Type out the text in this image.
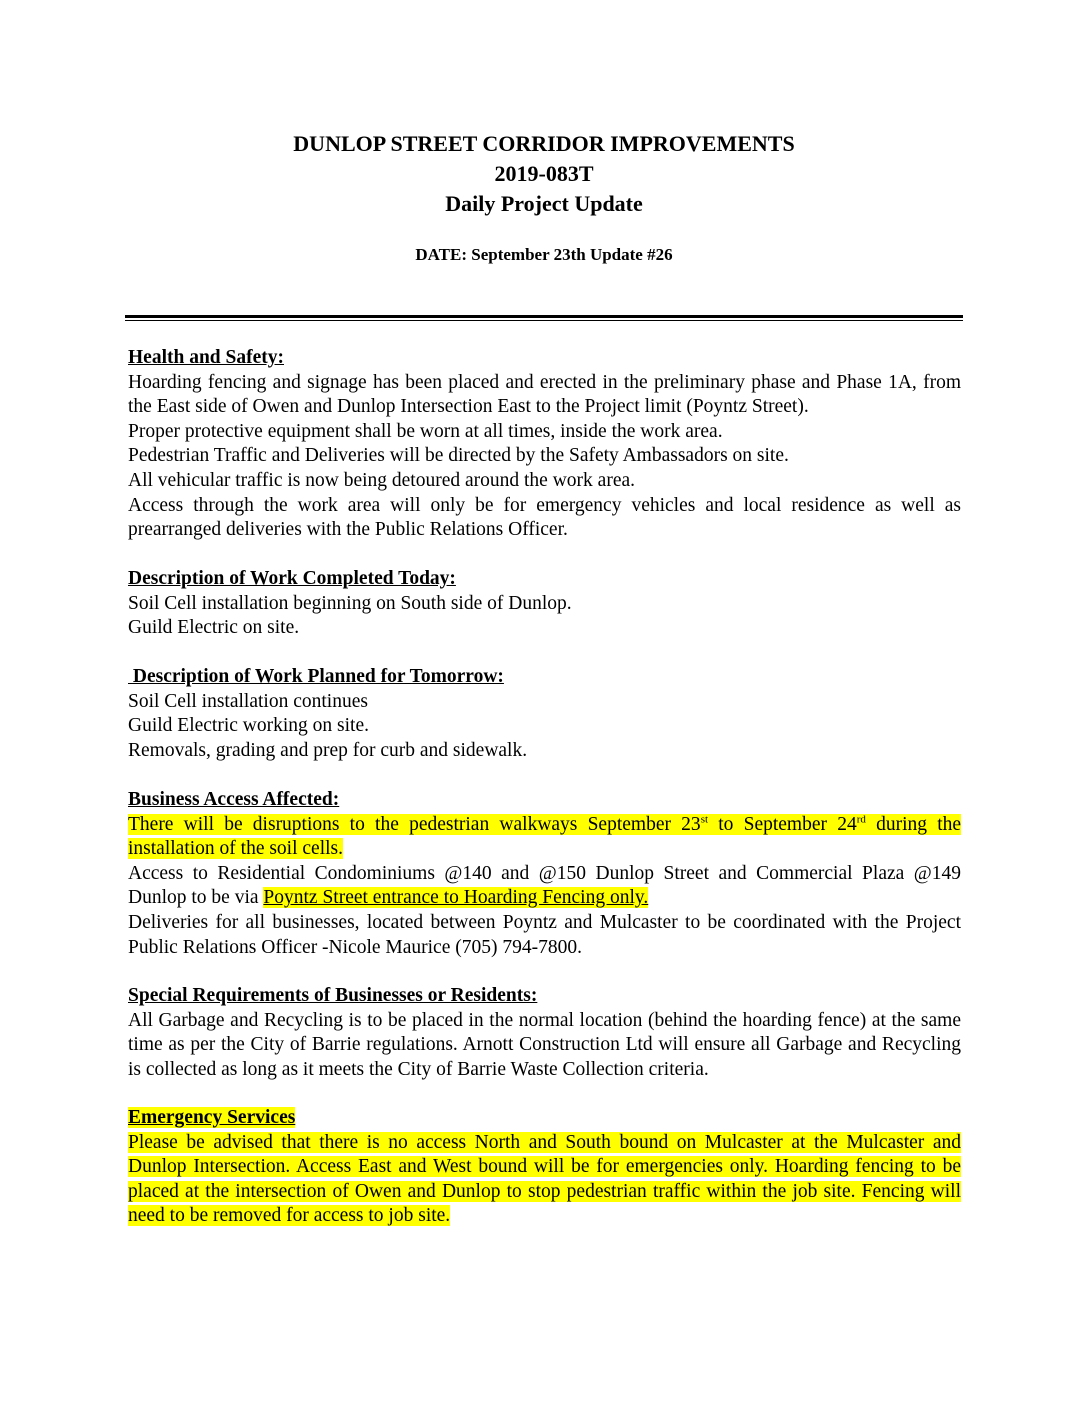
DUNLOP STREET CORRIDOR IMPROVEMENTS
2019-083T
Daily Project Update
DATE: September 23th Update #26

Health and Safety:

Hoarding fencing and signage has been placed and erected in the preliminary phase and Phase 1A, from the East side of Owen and Dunlop Intersection East to the Project limit (Poyntz Street).

Proper protective equipment shall be worn at all times, inside the work area.

Pedestrian Traffic and Deliveries will be directed by the Safety Ambassadors on site.

All vehicular traffic is now being detoured around the work area.

Access through the work area will only be for emergency vehicles and local residence as well as prearranged deliveries with the Public Relations Officer.

Description of Work Completed Today:

Soil Cell installation beginning on South side of Dunlop.

Guild Electric on site.

Description of Work Planned for Tomorrow:

Soil Cell installation continues

Guild Electric working on site.

Removals, grading and prep for curb and sidewalk.

Business Access Affected:

There will be disruptions to the pedestrian walkways September 23st to September 24rd during the installation of the soil cells.

Access to Residential Condominiums @140 and @150 Dunlop Street and Commercial Plaza @149 Dunlop to be via Poyntz Street entrance to Hoarding Fencing only.

Deliveries for all businesses, located between Poyntz and Mulcaster to be coordinated with the Project Public Relations Officer -Nicole Maurice (705) 794-7800.

Special Requirements of Businesses or Residents:

All Garbage and Recycling is to be placed in the normal location (behind the hoarding fence) at the same time as per the City of Barrie regulations. Arnott Construction Ltd will ensure all Garbage and Recycling is collected as long as it meets the City of Barrie Waste Collection criteria.

Emergency Services

Please be advised that there is no access North and South bound on Mulcaster at the Mulcaster and Dunlop Intersection. Access East and West bound will be for emergencies only. Hoarding fencing to be placed at the intersection of Owen and Dunlop to stop pedestrian traffic within the job site. Fencing will need to be removed for access to job site.
